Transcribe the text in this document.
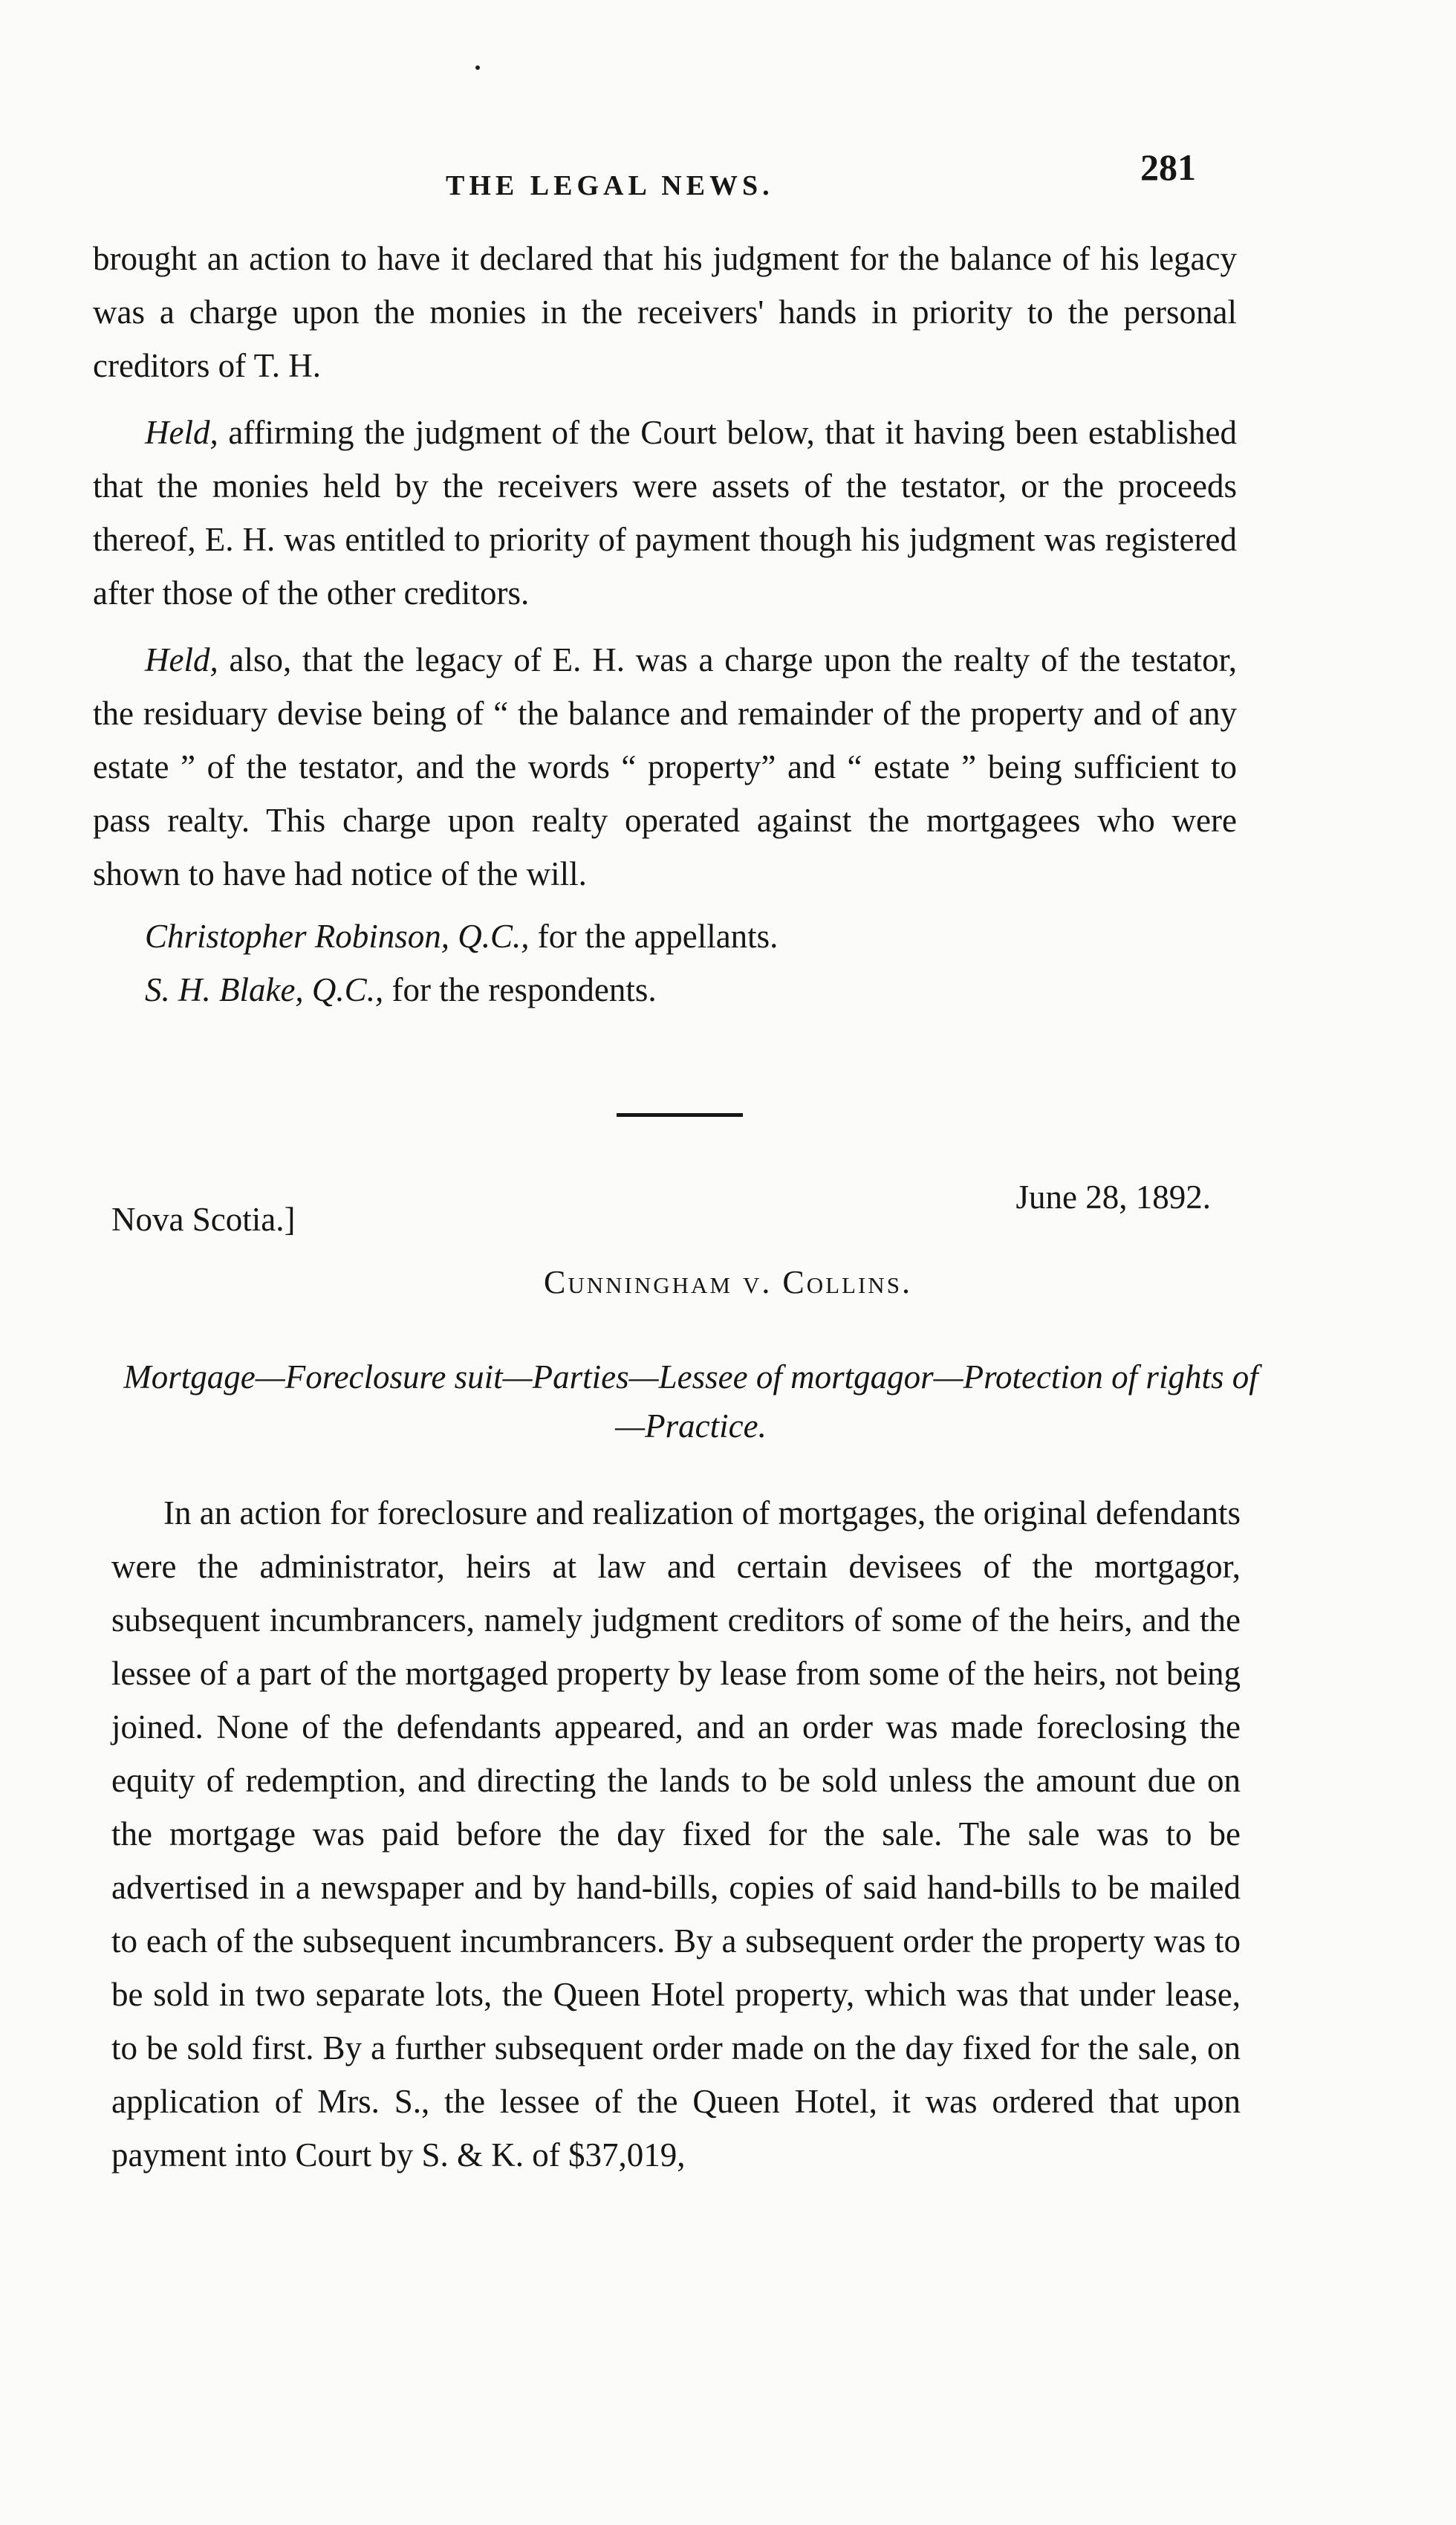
THE LEGAL NEWS.	281

brought an action to have it declared that his judgment for the balance of his legacy was a charge upon the monies in the receivers' hands in priority to the personal creditors of T. H.

Held, affirming the judgment of the Court below, that it having been established that the monies held by the receivers were assets of the testator, or the proceeds thereof, E. H. was entitled to priority of payment though his judgment was registered after those of the other creditors.

Held, also, that the legacy of E. H. was a charge upon the realty of the testator, the residuary devise being of “ the balance and remainder of the property and of any estate ” of the testator, and the words “ property” and “ estate ” being sufficient to pass realty. This charge upon realty operated against the mortgagees who were shown to have had notice of the will.

Christopher Robinson, Q.C., for the appellants.
S. H. Blake, Q.C., for the respondents.
Nova Scotia.]
June 28, 1892.
Cunningham v. Collins.
Mortgage—Foreclosure suit—Parties—Lessee of mortgagor—Protection of rights of—Practice.

In an action for foreclosure and realization of mortgages, the original defendants were the administrator, heirs at law and certain devisees of the mortgagor, subsequent incumbrancers, namely judgment creditors of some of the heirs, and the lessee of a part of the mortgaged property by lease from some of the heirs, not being joined. None of the defendants appeared, and an order was made foreclosing the equity of redemption, and directing the lands to be sold unless the amount due on the mortgage was paid before the day fixed for the sale. The sale was to be advertised in a newspaper and by hand-bills, copies of said hand-bills to be mailed to each of the subsequent incumbrancers. By a subsequent order the property was to be sold in two separate lots, the Queen Hotel property, which was that under lease, to be sold first. By a further subsequent order made on the day fixed for the sale, on application of Mrs. S., the lessee of the Queen Hotel, it was ordered that upon payment into Court by S. & K. of $37,019,
